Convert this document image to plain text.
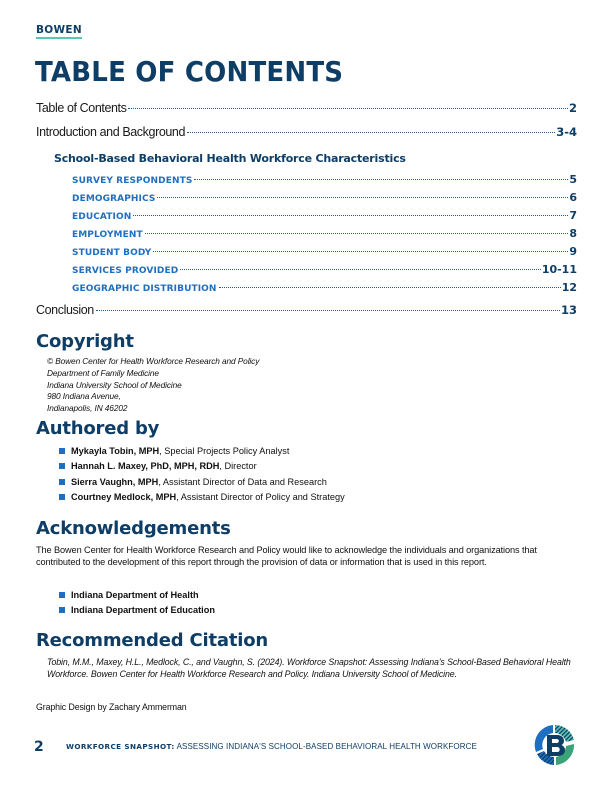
BOWEN
TABLE OF CONTENTS
Table of Contents	2
Introduction and Background	3-4
School-Based Behavioral Health Workforce Characteristics
SURVEY RESPONDENTS	5
DEMOGRAPHICS	6
EDUCATION	7
EMPLOYMENT	8
STUDENT BODY	9
SERVICES PROVIDED	10-11
GEOGRAPHIC DISTRIBUTION	12
Conclusion	13
Copyright
© Bowen Center for Health Workforce Research and Policy
Department of Family Medicine
Indiana University School of Medicine
980 Indiana Avenue,
Indianapolis, IN 46202
Authored by
Mykayla Tobin, MPH , Special Projects Policy Analyst
Hannah L. Maxey, PhD, MPH, RDH , Director
Sierra Vaughn, MPH , Assistant Director of Data and Research
Courtney Medlock, MPH , Assistant Director of Policy and Strategy
Acknowledgements

The Bowen Center for Health Workforce Research and Policy would like to acknowledge the individuals and organizations that contributed to the development of this report through the provision of data or information that is used in this report.

Indiana Department of Health
Indiana Department of Education
Recommended Citation

Tobin, M.M., Maxey, H.L., Medlock, C., and Vaughn, S. (2024). Workforce Snapshot: Assessing Indiana's School-Based Behavioral Health Workforce. Bowen Center for Health Workforce Research and Policy. Indiana University School of Medicine.

Graphic Design by Zachary Ammerman
2	WORKFORCE SNAPSHOT: ASSESSING INDIANA'S SCHOOL-BASED BEHAVIORAL HEALTH WORKFORCE
